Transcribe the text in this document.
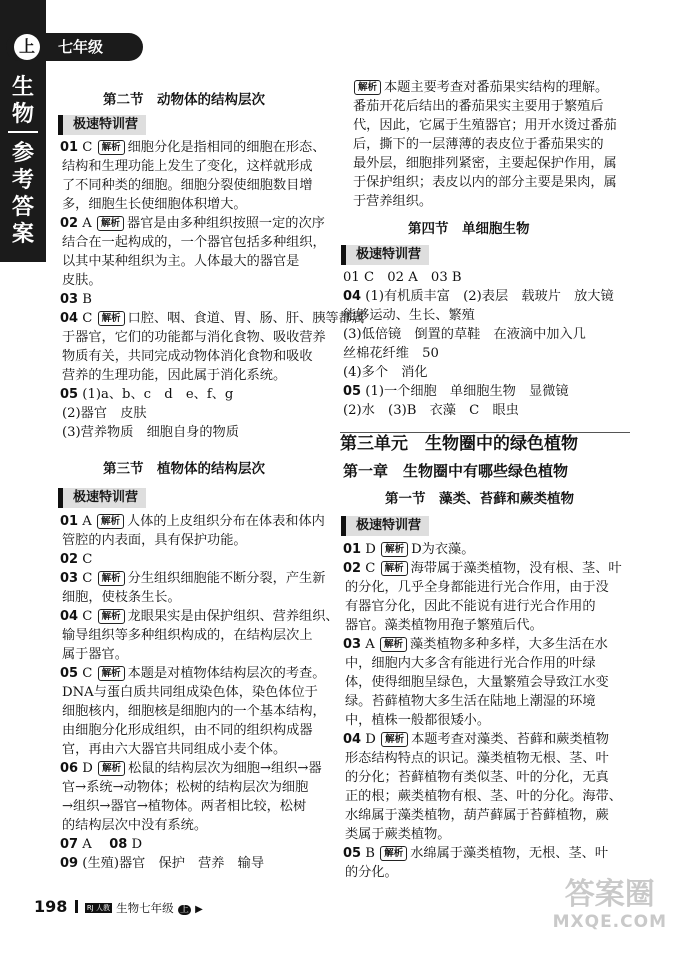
上	七年级
生物
参考答案
第二节　动物体的结构层次
极速特训营
01 C 解析 细胞分化是指相同的细胞在形态、
结构和生理功能上发生了变化，这样就形成
了不同种类的细胞。细胞分裂使细胞数目增
多，细胞生长使细胞体积增大。
02 A 解析 器官是由多种组织按照一定的次序
结合在一起构成的，一个器官包括多种组织，
以其中某种组织为主。人体最大的器官是
皮肤。
03 B
04 C 解析 口腔、咽、食道、胃、肠、肝、胰等都属
于器官，它们的功能都与消化食物、吸收营养
物质有关，共同完成动物体消化食物和吸收
营养的生理功能，因此属于消化系统。
05 (1)a、b、c　d　e、f、g
(2)器官　皮肤
(3)营养物质　细胞自身的物质
第三节　植物体的结构层次
极速特训营
01 A 解析 人体的上皮组织分布在体表和体内
管腔的内表面，具有保护功能。
02 C
03 C 解析 分生组织细胞能不断分裂，产生新
细胞，使枝条生长。
04 C 解析 龙眼果实是由保护组织、营养组织、
输导组织等多种组织构成的，在结构层次上
属于器官。
05 C 解析 本题是对植物体结构层次的考查。
DNA与蛋白质共同组成染色体，染色体位于
细胞核内，细胞核是细胞内的一个基本结构，
由细胞分化形成组织，由不同的组织构成器
官，再由六大器官共同组成小麦个体。
06 D 解析 松鼠的结构层次为细胞→组织→器
官→系统→动物体；松树的结构层次为细胞
→组织→器官→植物体。两者相比较，松树
的结构层次中没有系统。
07 A 　 08 D
09 (生殖)器官　保护　营养　输导
解析 本题主要考查对番茄果实结构的理解。
番茄开花后结出的番茄果实主要用于繁殖后
代，因此，它属于生殖器官；用开水烫过番茄
后，撕下的一层薄薄的表皮位于番茄果实的
最外层，细胞排列紧密，主要起保护作用，属
于保护组织；表皮以内的部分主要是果肉，属
于营养组织。
第四节　单细胞生物
极速特训营
01 C　02 A　03 B
04 (1)有机质丰富　(2)表层　载玻片　放大镜
能够运动、生长、繁殖
(3)低倍镜　倒置的草鞋　在液滴中加入几
丝棉花纤维　50
(4)多个　消化
05 (1)一个细胞　单细胞生物　显微镜
(2)水　(3)B　衣藻　C　眼虫
第三单元　生物圈中的绿色植物
第一章　生物圈中有哪些绿色植物
第一节　藻类、苔藓和蕨类植物
极速特训营
01 D 解析 D为衣藻。
02 C 解析 海带属于藻类植物，没有根、茎、叶
的分化，几乎全身都能进行光合作用，由于没
有器官分化，因此不能说有进行光合作用的
器官。藻类植物用孢子繁殖后代。
03 A 解析 藻类植物多种多样，大多生活在水
中，细胞内大多含有能进行光合作用的叶绿
体，使得细胞呈绿色，大量繁殖会导致江水变
绿。苔藓植物大多生活在陆地上潮湿的环境
中，植株一般都很矮小。
04 D 解析 本题考查对藻类、苔藓和蕨类植物
形态结构特点的识记。藻类植物无根、茎、叶
的分化；苔藓植物有类似茎、叶的分化，无真
正的根；蕨类植物有根、茎、叶的分化。海带、
水绵属于藻类植物，葫芦藓属于苔藓植物，蕨
类属于蕨类植物。
05 B 解析 水绵属于藻类植物，无根、茎、叶
的分化。
198	RJ 人教 生物七年级 上 ▶	答案圈
MXQE.COM
